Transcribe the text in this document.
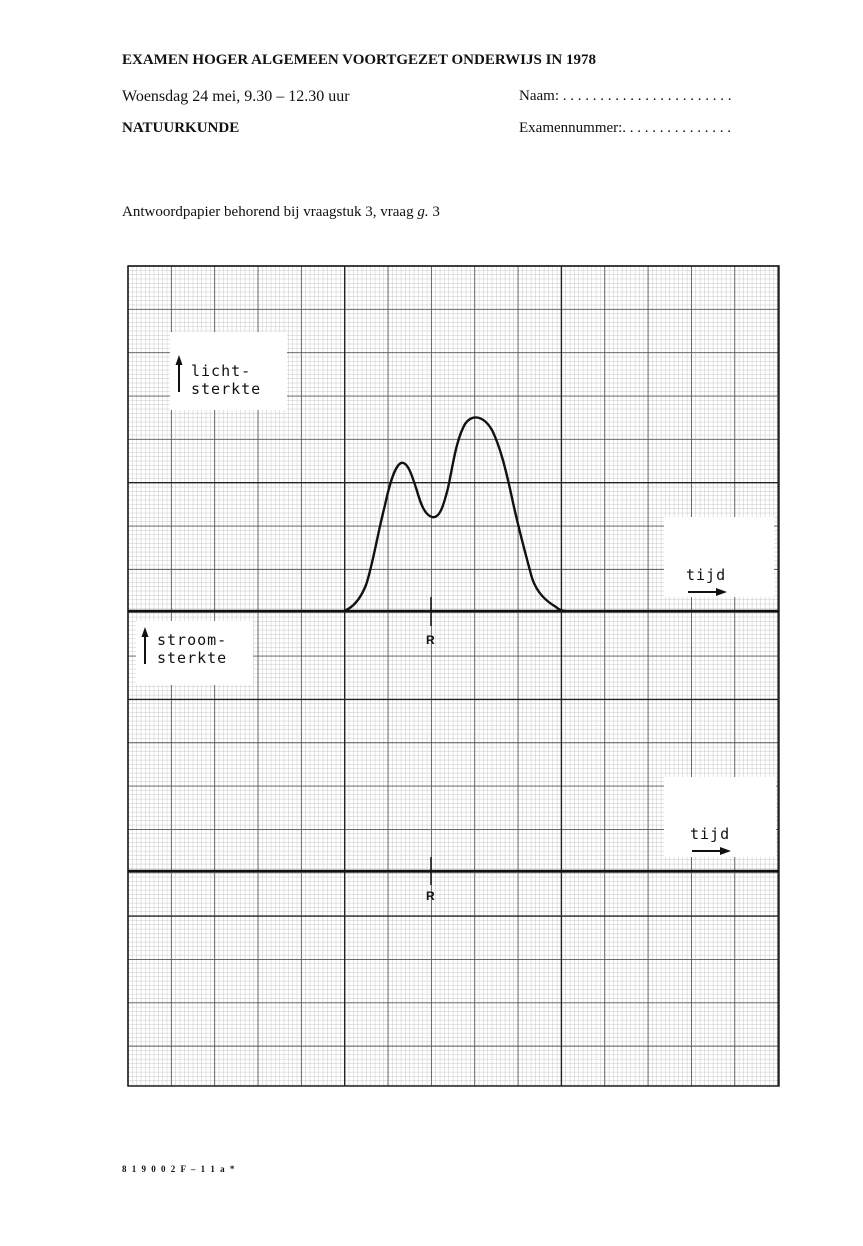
EXAMEN HOGER ALGEMEEN VOORTGEZET ONDERWIJS IN 1978
Woensdag 24 mei, 9.30 – 12.30 uur
NATUURKUNDE
Naam: . . . . . . . . . . . . . . . . . . . . . . .
Examennummer:. . . . . . . . . . . . . . .
Antwoordpapier behorend bij vraagstuk 3, vraag g. 3
licht-
sterkte
stroom-
sterkte
tijd
tijd
R
R
8 1 9 0 0 2 F – 1 1 a *
